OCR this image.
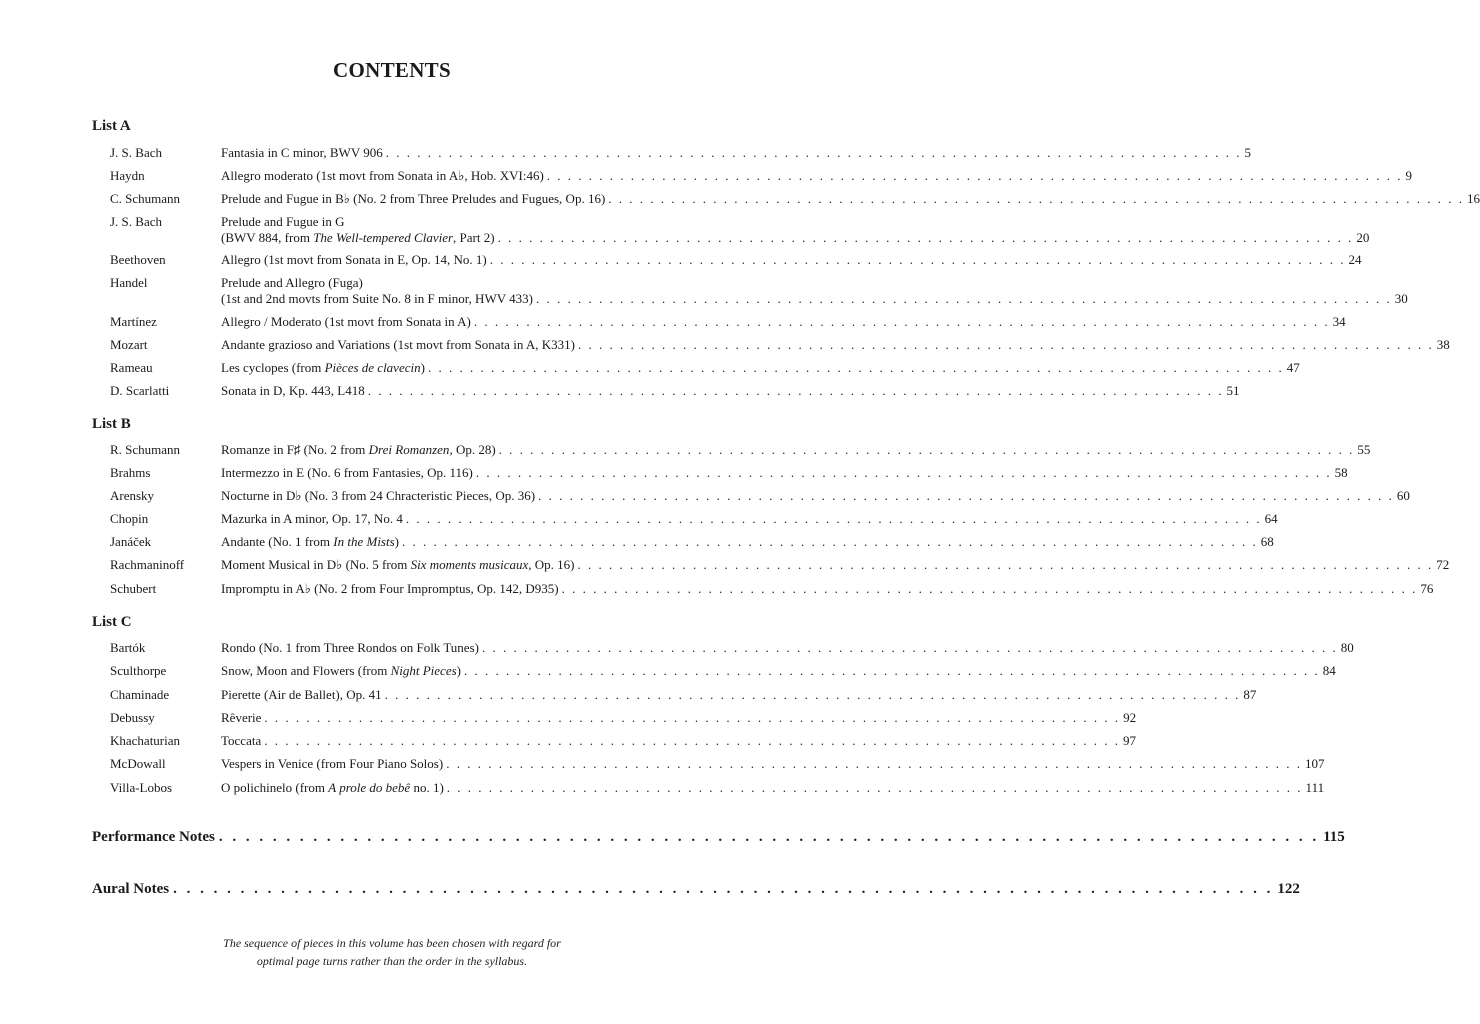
CONTENTS
List A
J. S. Bach	Fantasia in C minor, BWV 906 . . . . . . . . . . . . . . . . . . . . . . . . . . . . . . . . . . . . . . . . . . . . . . . . . . . . . . . . . . . . . . . . . . . . . . . . . . . . . . . . . . 5
Haydn	Allegro moderato (1st movt from Sonata in A♭, Hob. XVI:46) . . . . . . . . . . . . . . . . . . . . . . . . . . . . . . . . . . . . . . . . . . . . . . . . . . . . . . . . . . . . . . . . . . . . . . . . . . . . . . . . . . 9
C. Schumann	Prelude and Fugue in B♭ (No. 2 from Three Preludes and Fugues, Op. 16) . . . . . . . . . . . . . . . . . . . . . . . . . . . . . . . . . . . . . . . . . . . . . . . . . . . . . . . . . . . . . . . . . . . . . . . . . . . . . . . . . . 16
J. S. Bach	Prelude and Fugue in G
(BWV 884, from The Well-tempered Clavier, Part 2) . . . . . . . . . . . . . . . . . . . . . . . . . . . . . . . . . . . . . . . . . . . . . . . . . . . . . . . . . . . . . . . . . . . . . . . . . . . . . . . . . . 20
Beethoven	Allegro (1st movt from Sonata in E, Op. 14, No. 1) . . . . . . . . . . . . . . . . . . . . . . . . . . . . . . . . . . . . . . . . . . . . . . . . . . . . . . . . . . . . . . . . . . . . . . . . . . . . . . . . . . 24
Handel	Prelude and Allegro (Fuga)
(1st and 2nd movts from Suite No. 8 in F minor, HWV 433) . . . . . . . . . . . . . . . . . . . . . . . . . . . . . . . . . . . . . . . . . . . . . . . . . . . . . . . . . . . . . . . . . . . . . . . . . . . . . . . . . . 30
Martínez	Allegro / Moderato (1st movt from Sonata in A) . . . . . . . . . . . . . . . . . . . . . . . . . . . . . . . . . . . . . . . . . . . . . . . . . . . . . . . . . . . . . . . . . . . . . . . . . . . . . . . . . . 34
Mozart	Andante grazioso and Variations (1st movt from Sonata in A, K331) . . . . . . . . . . . . . . . . . . . . . . . . . . . . . . . . . . . . . . . . . . . . . . . . . . . . . . . . . . . . . . . . . . . . . . . . . . . . . . . . . . 38
Rameau	Les cyclopes (from Pièces de clavecin) . . . . . . . . . . . . . . . . . . . . . . . . . . . . . . . . . . . . . . . . . . . . . . . . . . . . . . . . . . . . . . . . . . . . . . . . . . . . . . . . . . 47
D. Scarlatti	Sonata in D, Kp. 443, L418 . . . . . . . . . . . . . . . . . . . . . . . . . . . . . . . . . . . . . . . . . . . . . . . . . . . . . . . . . . . . . . . . . . . . . . . . . . . . . . . . . . 51
List B
R. Schumann	Romanze in F♯ (No. 2 from Drei Romanzen, Op. 28) . . . . . . . . . . . . . . . . . . . . . . . . . . . . . . . . . . . . . . . . . . . . . . . . . . . . . . . . . . . . . . . . . . . . . . . . . . . . . . . . . . 55
Brahms	Intermezzo in E (No. 6 from Fantasies, Op. 116) . . . . . . . . . . . . . . . . . . . . . . . . . . . . . . . . . . . . . . . . . . . . . . . . . . . . . . . . . . . . . . . . . . . . . . . . . . . . . . . . . . 58
Arensky	Nocturne in D♭ (No. 3 from 24 Chracteristic Pieces, Op. 36) . . . . . . . . . . . . . . . . . . . . . . . . . . . . . . . . . . . . . . . . . . . . . . . . . . . . . . . . . . . . . . . . . . . . . . . . . . . . . . . . . . 60
Chopin	Mazurka in A minor, Op. 17, No. 4 . . . . . . . . . . . . . . . . . . . . . . . . . . . . . . . . . . . . . . . . . . . . . . . . . . . . . . . . . . . . . . . . . . . . . . . . . . . . . . . . . . 64
Janáček	Andante (No. 1 from In the Mists) . . . . . . . . . . . . . . . . . . . . . . . . . . . . . . . . . . . . . . . . . . . . . . . . . . . . . . . . . . . . . . . . . . . . . . . . . . . . . . . . . . 68
Rachmaninoff	Moment Musical in D♭ (No. 5 from Six moments musicaux, Op. 16) . . . . . . . . . . . . . . . . . . . . . . . . . . . . . . . . . . . . . . . . . . . . . . . . . . . . . . . . . . . . . . . . . . . . . . . . . . . . . . . . . . 72
Schubert	Impromptu in A♭ (No. 2 from Four Impromptus, Op. 142, D935) . . . . . . . . . . . . . . . . . . . . . . . . . . . . . . . . . . . . . . . . . . . . . . . . . . . . . . . . . . . . . . . . . . . . . . . . . . . . . . . . . . 76
List C
Bartók	Rondo (No. 1 from Three Rondos on Folk Tunes) . . . . . . . . . . . . . . . . . . . . . . . . . . . . . . . . . . . . . . . . . . . . . . . . . . . . . . . . . . . . . . . . . . . . . . . . . . . . . . . . . . 80
Sculthorpe	Snow, Moon and Flowers (from Night Pieces) . . . . . . . . . . . . . . . . . . . . . . . . . . . . . . . . . . . . . . . . . . . . . . . . . . . . . . . . . . . . . . . . . . . . . . . . . . . . . . . . . . 84
Chaminade	Pierette (Air de Ballet), Op. 41 . . . . . . . . . . . . . . . . . . . . . . . . . . . . . . . . . . . . . . . . . . . . . . . . . . . . . . . . . . . . . . . . . . . . . . . . . . . . . . . . . . 87
Debussy	Rêverie . . . . . . . . . . . . . . . . . . . . . . . . . . . . . . . . . . . . . . . . . . . . . . . . . . . . . . . . . . . . . . . . . . . . . . . . . . . . . . . . . . 92
Khachaturian	Toccata . . . . . . . . . . . . . . . . . . . . . . . . . . . . . . . . . . . . . . . . . . . . . . . . . . . . . . . . . . . . . . . . . . . . . . . . . . . . . . . . . . 97
McDowall	Vespers in Venice (from Four Piano Solos) . . . . . . . . . . . . . . . . . . . . . . . . . . . . . . . . . . . . . . . . . . . . . . . . . . . . . . . . . . . . . . . . . . . . . . . . . . . . . . . . . . 107
Villa-Lobos	O polichinelo (from A prole do bebê no. 1) . . . . . . . . . . . . . . . . . . . . . . . . . . . . . . . . . . . . . . . . . . . . . . . . . . . . . . . . . . . . . . . . . . . . . . . . . . . . . . . . . . 111
Performance Notes . . . . . . . . . . . . . . . . . . . . . . . . . . . . . . . . . . . . . . . . . . . . . . . . . . . . . . . . . . . . . . . . . . . . . . . . . . . . . . . . . . 115
Aural Notes . . . . . . . . . . . . . . . . . . . . . . . . . . . . . . . . . . . . . . . . . . . . . . . . . . . . . . . . . . . . . . . . . . . . . . . . . . . . . . . . . . 122
The sequence of pieces in this volume has been chosen with regard for
optimal page turns rather than the order in the syllabus.
